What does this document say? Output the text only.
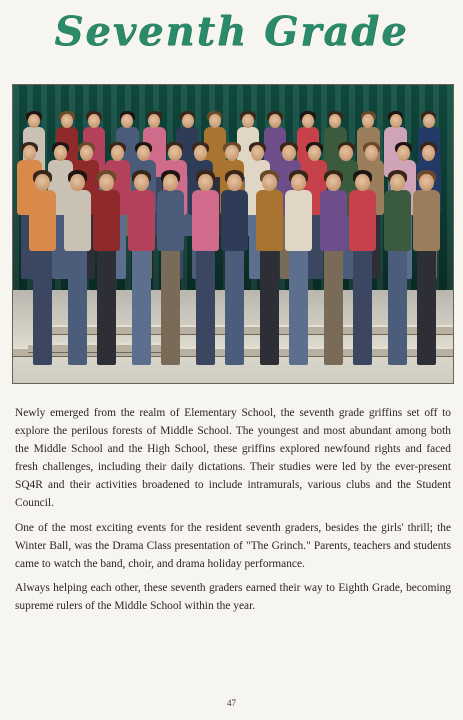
Seventh Grade

Newly emerged from the realm of Elementary School, the seventh grade griffins set off to explore the perilous forests of Middle School. The youngest and most abundant among both the Middle School and the High School, these griffins explored newfound rights and faced fresh challenges, including their daily dictations. Their studies were led by the ever-present SQ4R and their activities broadened to include intramurals, various clubs and the Student Council.

One of the most exciting events for the resident seventh graders, besides the girls' thrill; the Winter Ball, was the Drama Class presentation of "The Grinch." Parents, teachers and students came to watch the band, choir, and drama holiday performance.

Always helping each other, these seventh graders earned their way to Eighth Grade, becoming supreme rulers of the Middle School within the year.

47
